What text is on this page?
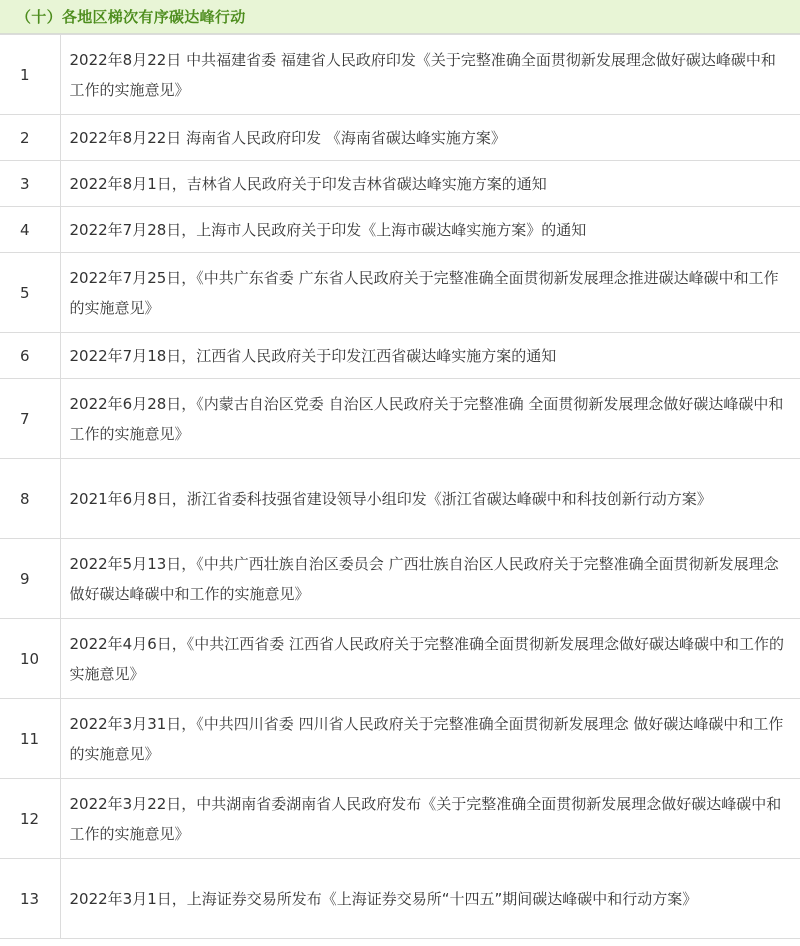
（十）各地区梯次有序碳达峰行动
1	2022年8月22日 中共福建省委 福建省人民政府印发《关于完整准确全面贯彻新发展理念做好碳达峰碳中和工作的实施意见》
2	2022年8月22日 海南省人民政府印发 《海南省碳达峰实施方案》
3	2022年8月1日，吉林省人民政府关于印发吉林省碳达峰实施方案的通知
4	2022年7月28日，上海市人民政府关于印发《上海市碳达峰实施方案》的通知
5	2022年7月25日，《中共广东省委 广东省人民政府关于完整准确全面贯彻新发展理念推进碳达峰碳中和工作的实施意见》
6	2022年7月18日，江西省人民政府关于印发江西省碳达峰实施方案的通知
7	2022年6月28日，《内蒙古自治区党委 自治区人民政府关于完整准确 全面贯彻新发展理念做好碳达峰碳中和工作的实施意见》
8	2021年6月8日，浙江省委科技强省建设领导小组印发《浙江省碳达峰碳中和科技创新行动方案》
9	2022年5月13日，《中共广西壮族自治区委员会 广西壮族自治区人民政府关于完整准确全面贯彻新发展理念做好碳达峰碳中和工作的实施意见》
10	2022年4月6日，《中共江西省委 江西省人民政府关于完整准确全面贯彻新发展理念做好碳达峰碳中和工作的实施意见》
11	2022年3月31日，《中共四川省委 四川省人民政府关于完整准确全面贯彻新发展理念 做好碳达峰碳中和工作的实施意见》
12	2022年3月22日，中共湖南省委湖南省人民政府发布《关于完整准确全面贯彻新发展理念做好碳达峰碳中和工作的实施意见》
13	2022年3月1日，上海证券交易所发布《上海证券交易所“十四五”期间碳达峰碳中和行动方案》
